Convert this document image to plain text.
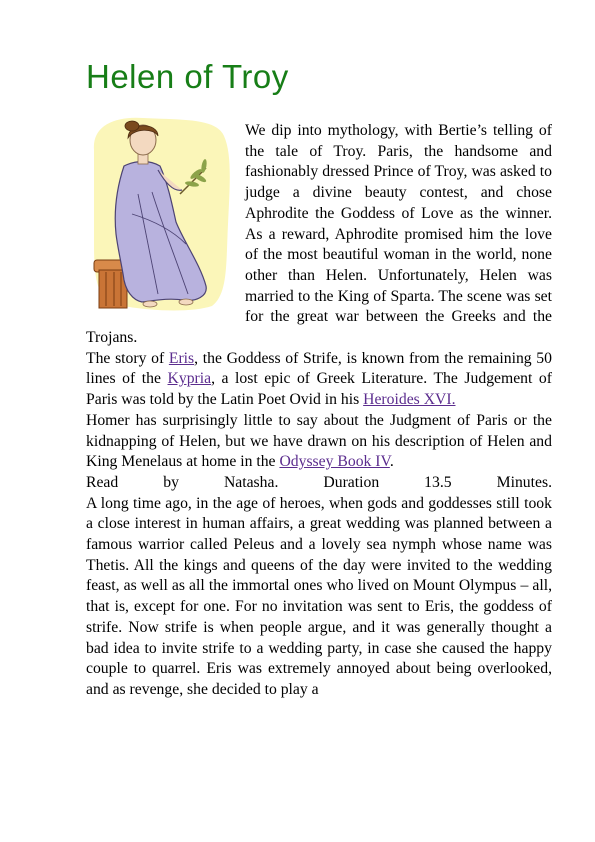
Helen of Troy

We dip into mythology, with Bertie’s telling of the tale of Troy. Paris, the handsome and fashionably dressed Prince of Troy, was asked to judge a divine beauty contest, and chose Aphrodite the Goddess of Love as the winner. As a reward, Aphrodite promised him the love of the most beautiful woman in the world, none other than Helen. Unfortunately, Helen was married to the King of Sparta. The scene was set for the great war between the Greeks and the Trojans.

The story of Eris, the Goddess of Strife, is known from the remaining 50 lines of the Kypria, a lost epic of Greek Literature. The Judgement of Paris was told by the Latin Poet Ovid in his Heroides XVI.

Homer has surprisingly little to say about the Judgment of Paris or the kidnapping of Helen, but we have drawn on his description of Helen and King Menelaus at home in the Odyssey Book IV.

Read by Natasha. Duration 13.5 Minutes.

A long time ago, in the age of heroes, when gods and goddesses still took a close interest in human affairs, a great wedding was planned between a famous warrior called Peleus and a lovely sea nymph whose name was Thetis. All the kings and queens of the day were invited to the wedding feast, as well as all the immortal ones who lived on Mount Olympus – all, that is, except for one. For no invitation was sent to Eris, the goddess of strife. Now strife is when people argue, and it was generally thought a bad idea to invite strife to a wedding party, in case she caused the happy couple to quarrel. Eris was extremely annoyed about being overlooked, and as revenge, she decided to play a
